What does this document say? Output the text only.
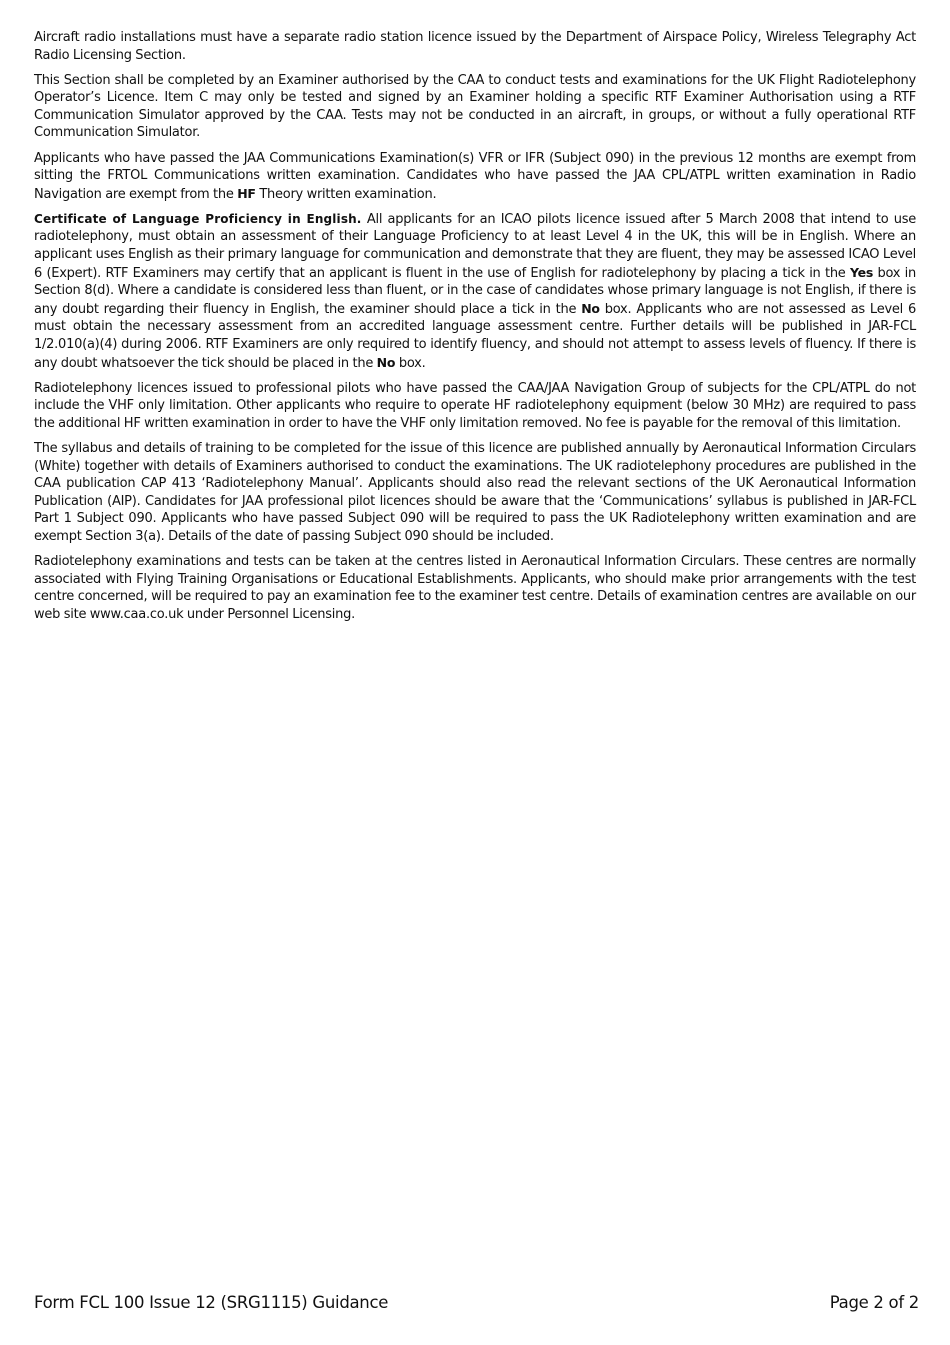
Aircraft radio installations must have a separate radio station licence issued by the Department of Airspace Policy, Wireless Telegraphy Act Radio Licensing Section.

This Section shall be completed by an Examiner authorised by the CAA to conduct tests and examinations for the UK Flight Radiotelephony Operator’s Licence. Item C may only be tested and signed by an Examiner holding a specific RTF Examiner Authorisation using a RTF Communication Simulator approved by the CAA. Tests may not be conducted in an aircraft, in groups, or without a fully operational RTF Communication Simulator.

Applicants who have passed the JAA Communications Examination(s) VFR or IFR (Subject 090) in the previous 12 months are exempt from sitting the FRTOL Communications written examination. Candidates who have passed the JAA CPL/ATPL written examination in Radio Navigation are exempt from the HF Theory written examination.

Certificate of Language Proficiency in English. All applicants for an ICAO pilots licence issued after 5 March 2008 that intend to use radiotelephony, must obtain an assessment of their Language Proficiency to at least Level 4 in the UK, this will be in English. Where an applicant uses English as their primary language for communication and demonstrate that they are fluent, they may be assessed ICAO Level 6 (Expert). RTF Examiners may certify that an applicant is fluent in the use of English for radiotelephony by placing a tick in the Yes box in Section 8(d). Where a candidate is considered less than fluent, or in the case of candidates whose primary language is not English, if there is any doubt regarding their fluency in English, the examiner should place a tick in the No box. Applicants who are not assessed as Level 6 must obtain the necessary assessment from an accredited language assessment centre. Further details will be published in JAR-FCL 1/2.010(a)(4) during 2006. RTF Examiners are only required to identify fluency, and should not attempt to assess levels of fluency. If there is any doubt whatsoever the tick should be placed in the No box.

Radiotelephony licences issued to professional pilots who have passed the CAA/JAA Navigation Group of subjects for the CPL/ATPL do not include the VHF only limitation. Other applicants who require to operate HF radiotelephony equipment (below 30 MHz) are required to pass the additional HF written examination in order to have the VHF only limitation removed. No fee is payable for the removal of this limitation.

The syllabus and details of training to be completed for the issue of this licence are published annually by Aeronautical Information Circulars (White) together with details of Examiners authorised to conduct the examinations. The UK radiotelephony procedures are published in the CAA publication CAP 413 ‘Radiotelephony Manual’. Applicants should also read the relevant sections of the UK Aeronautical Information Publication (AIP). Candidates for JAA professional pilot licences should be aware that the ‘Communications’ syllabus is published in JAR-FCL Part 1 Subject 090. Applicants who have passed Subject 090 will be required to pass the UK Radiotelephony written examination and are exempt Section 3(a). Details of the date of passing Subject 090 should be included.

Radiotelephony examinations and tests can be taken at the centres listed in Aeronautical Information Circulars. These centres are normally associated with Flying Training Organisations or Educational Establishments. Applicants, who should make prior arrangements with the test centre concerned, will be required to pay an examination fee to the examiner test centre. Details of examination centres are available on our web site www.caa.co.uk under Personnel Licensing.

Form FCL 100 Issue 12 (SRG1115) Guidance	Page 2 of 2
